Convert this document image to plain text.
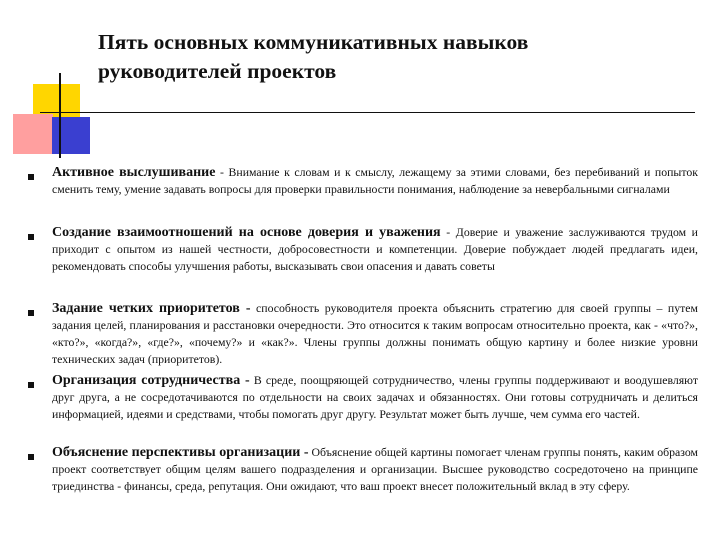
Пять основных коммуникативных навыков
руководителей проектов

Активное выслушивание - Внимание к словам и к смыслу, лежащему за этими словами, без перебиваний и попыток сменить тему, умение задавать вопросы для проверки правильности понимания, наблюдение за невербальными сигналами

Создание взаимоотношений на основе доверия и уважения - Доверие и уважение заслуживаются трудом и приходит с опытом из нашей честности, добросовестности и компетенции. Доверие побуждает людей предлагать идеи, рекомендовать способы улучшения работы, высказывать свои опасения и давать советы

Задание четких приоритетов - способность руководителя проекта объяснить стратегию для своей группы – путем задания целей, планирования и расстановки очередности. Это относится к таким вопросам относительно проекта, как - «что?», «кто?», «когда?», «где?», «почему?» и «как?». Члены группы должны понимать общую картину и более низкие уровни технических задач (приоритетов).

Организация сотрудничества - В среде, поощряющей сотрудничество, члены группы поддерживают и воодушевляют друг друга, а не сосредотачиваются по отдельности на своих задачах и обязанностях. Они готовы сотрудничать и делиться информацией, идеями и средствами, чтобы помогать друг другу. Результат может быть лучше, чем сумма его частей.

Объяснение перспективы организации - Объяснение общей картины помогает членам группы понять, каким образом проект соответствует общим целям вашего подразделения и организации. Высшее руководство сосредоточено на принципе триединства - финансы, среда, репутация. Они ожидают, что ваш проект внесет положительный вклад в эту сферу.
